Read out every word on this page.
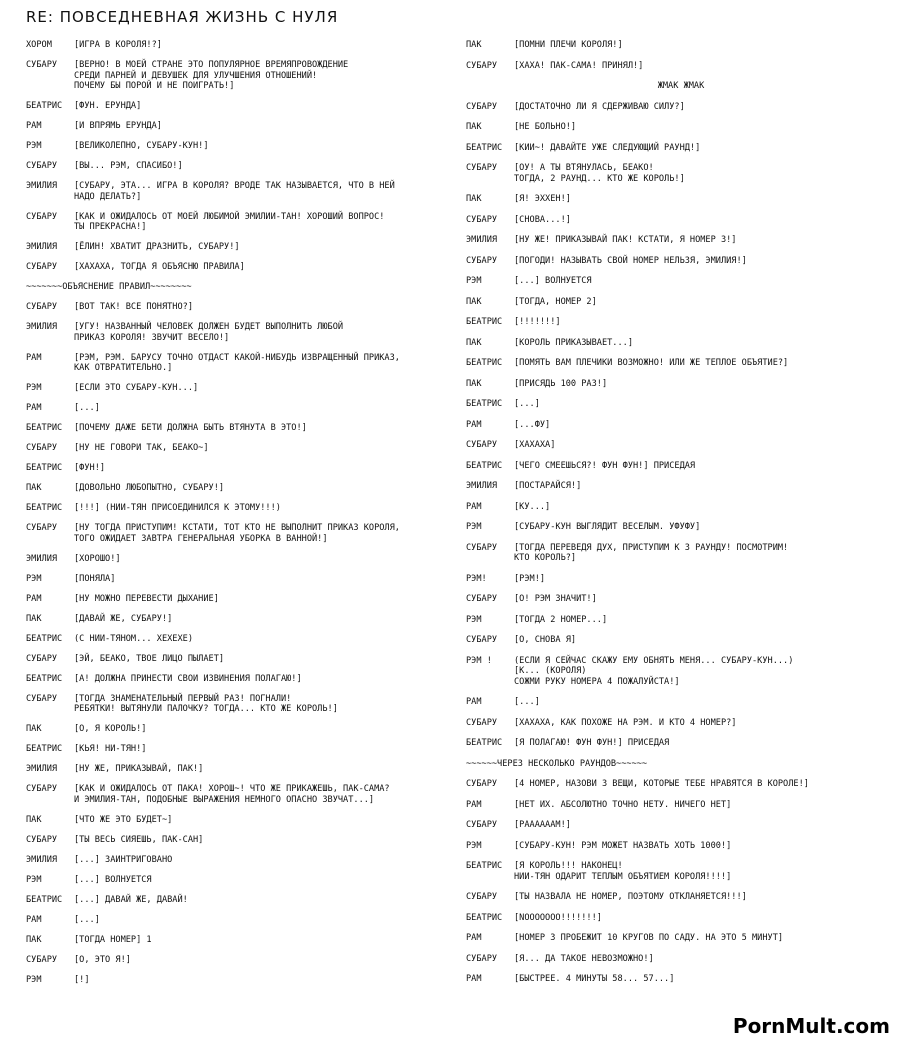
RE: ПОВСЕДНЕВНАЯ ЖИЗНЬ С НУЛЯ
ХОРОМ	[ИГРА В КОРОЛЯ!?]
СУБАРУ	[ВЕРНО! В МОЕЙ СТРАНЕ ЭТО ПОПУЛЯРНОЕ ВРЕМЯПРОВОЖДЕНИЕ
СРЕДИ ПАРНЕЙ И ДЕВУШЕК ДЛЯ УЛУЧШЕНИЯ ОТНОШЕНИЙ!
ПОЧЕМУ БЫ ПОРОЙ И НЕ ПОИГРАТЬ!]
БЕАТРИС	[ФУН. ЕРУНДА]
РАМ	[И ВПРЯМЬ ЕРУНДА]
РЭМ	[ВЕЛИКОЛЕПНО, СУБАРУ-КУН!]
СУБАРУ	[ВЫ... РЭМ, СПАСИБО!]
ЭМИЛИЯ	[СУБАРУ, ЭТА... ИГРА В КОРОЛЯ? ВРОДЕ ТАК НАЗЫВАЕТСЯ, ЧТО В НЕЙ
НАДО ДЕЛАТЬ?]
СУБАРУ	[КАК И ОЖИДАЛОСЬ ОТ МОЕЙ ЛЮБИМОЙ ЭМИЛИИ-ТАН! ХОРОШИЙ ВОПРОС!
ТЫ ПРЕКРАСНА!]
ЭМИЛИЯ	[ЁЛИН! ХВАТИТ ДРАЗНИТЬ, СУБАРУ!]
СУБАРУ	[ХАХАХА, ТОГДА Я ОБЪЯСНЮ ПРАВИЛА]
~~~~~~~ОБЪЯСНЕНИЕ ПРАВИЛ~~~~~~~~
СУБАРУ	[ВОТ ТАК! ВСЕ ПОНЯТНО?]
ЭМИЛИЯ	[УГУ! НАЗВАННЫЙ ЧЕЛОВЕК ДОЛЖЕН БУДЕТ ВЫПОЛНИТЬ ЛЮБОЙ
ПРИКАЗ КОРОЛЯ! ЗВУЧИТ ВЕСЕЛО!]
РАМ	[РЭМ, РЭМ. БАРУСУ ТОЧНО ОТДАСТ КАКОЙ-НИБУДЬ ИЗВРАЩЕННЫЙ ПРИКАЗ,
КАК ОТВРАТИТЕЛЬНО.]
РЭМ	[ЕСЛИ ЭТО СУБАРУ-КУН...]
РАМ	[...]
БЕАТРИС	[ПОЧЕМУ ДАЖЕ БЕТИ ДОЛЖНА БЫТЬ ВТЯНУТА В ЭТО!]
СУБАРУ	[НУ НЕ ГОВОРИ ТАК, БЕАКО~]
БЕАТРИС	[ФУН!]
ПАК	[ДОВОЛЬНО ЛЮБОПЫТНО, СУБАРУ!]
БЕАТРИС	[!!!] (НИИ-ТЯН ПРИСОЕДИНИЛСЯ К ЭТОМУ!!!)
СУБАРУ	[НУ ТОГДА ПРИСТУПИМ! КСТАТИ, ТОТ КТО НЕ ВЫПОЛНИТ ПРИКАЗ КОРОЛЯ,
ТОГО ОЖИДАЕТ ЗАВТРА ГЕНЕРАЛЬНАЯ УБОРКА В ВАННОЙ!]
ЭМИЛИЯ	[ХОРОШО!]
РЭМ	[ПОНЯЛА]
РАМ	[НУ МОЖНО ПЕРЕВЕСТИ ДЫХАНИЕ]
ПАК	[ДАВАЙ ЖЕ, СУБАРУ!]
БЕАТРИС	(С НИИ-ТЯНОМ... ХЕХЕХЕ)
СУБАРУ	[ЭЙ, БЕАКО, ТВОЕ ЛИЦО ПЫЛАЕТ]
БЕАТРИС	[А! ДОЛЖНА ПРИНЕСТИ СВОИ ИЗВИНЕНИЯ ПОЛАГАЮ!]
СУБАРУ	[ТОГДА ЗНАМЕНАТЕЛЬНЫЙ ПЕРВЫЙ РАЗ! ПОГНАЛИ!
РЕБЯТКИ! ВЫТЯНУЛИ ПАЛОЧКУ? ТОГДА... КТО ЖЕ КОРОЛЬ!]
ПАК	[О, Я КОРОЛЬ!]
БЕАТРИС	[КЬЯ! НИ-ТЯН!]
ЭМИЛИЯ	[НУ ЖЕ, ПРИКАЗЫВАЙ, ПАК!]
СУБАРУ	[КАК И ОЖИДАЛОСЬ ОТ ПАКА! ХОРОШ~! ЧТО ЖЕ ПРИКАЖЕШЬ, ПАК-САМА?
И ЭМИЛИЯ-ТАН, ПОДОБНЫЕ ВЫРАЖЕНИЯ НЕМНОГО ОПАСНО ЗВУЧАТ...]
ПАК	[ЧТО ЖЕ ЭТО БУДЕТ~]
СУБАРУ	[ТЫ ВЕСЬ СИЯЕШЬ, ПАК-САН]
ЭМИЛИЯ	[...] ЗАИНТРИГОВАНО
РЭМ	[...] ВОЛНУЕТСЯ
БЕАТРИС	[...] ДАВАЙ ЖЕ, ДАВАЙ!
РАМ	[...]
ПАК	[ТОГДА НОМЕР] 1
СУБАРУ	[О, ЭТО Я!]
РЭМ	[!]
ПАК	[ПОМНИ ПЛЕЧИ КОРОЛЯ!]
СУБАРУ	[ХАХА! ПАК-САМА! ПРИНЯЛ!]
ЖМАК ЖМАК
СУБАРУ	[ДОСТАТОЧНО ЛИ Я СДЕРЖИВАЮ СИЛУ?]
ПАК	[НЕ БОЛЬНО!]
БЕАТРИС	[КИИ~! ДАВАЙТЕ УЖЕ СЛЕДУЮЩИЙ РАУНД!]
СУБАРУ	[ОУ! А ТЫ ВТЯНУЛАСЬ, БЕАКО!
ТОГДА, 2 РАУНД... КТО ЖЕ КОРОЛЬ!]
ПАК	[Я! ЭХХЕН!]
СУБАРУ	[СНОВА...!]
ЭМИЛИЯ	[НУ ЖЕ! ПРИКАЗЫВАЙ ПАК! КСТАТИ, Я НОМЕР 3!]
СУБАРУ	[ПОГОДИ! НАЗЫВАТЬ СВОЙ НОМЕР НЕЛЬЗЯ, ЭМИЛИЯ!]
РЭМ	[...] ВОЛНУЕТСЯ
ПАК	[ТОГДА, НОМЕР 2]
БЕАТРИС	[!!!!!!!]
ПАК	[КОРОЛЬ ПРИКАЗЫВАЕТ...]
БЕАТРИС	[ПОМЯТЬ ВАМ ПЛЕЧИКИ ВОЗМОЖНО! ИЛИ ЖЕ ТЕПЛОЕ ОБЪЯТИЕ?]
ПАК	[ПРИСЯДЬ 100 РАЗ!]
БЕАТРИС	[...]
РАМ	[...ФУ]
СУБАРУ	[ХАХАХА]
БЕАТРИС	[ЧЕГО СМЕЕШЬСЯ?! ФУН ФУН!] ПРИСЕДАЯ
ЭМИЛИЯ	[ПОСТАРАЙСЯ!]
РАМ	[КУ...]
РЭМ	[СУБАРУ-КУН ВЫГЛЯДИТ ВЕСЕЛЫМ. УФУФУ]
СУБАРУ	[ТОГДА ПЕРЕВЕДЯ ДУХ, ПРИСТУПИМ К 3 РАУНДУ! ПОСМОТРИМ!
КТО КОРОЛЬ?]
РЭМ!	[РЭМ!]
СУБАРУ	[О! РЭМ ЗНАЧИТ!]
РЭМ	[ТОГДА 2 НОМЕР...]
СУБАРУ	[О, СНОВА Я]
РЭМ !	(ЕСЛИ Я СЕЙЧАС СКАЖУ ЕМУ ОБНЯТЬ МЕНЯ... СУБАРУ-КУН...)
[К... (КОРОЛЯ)
СОЖМИ РУКУ НОМЕРА 4 ПОЖАЛУЙСТА!]
РАМ	[...]
СУБАРУ	[ХАХАХА, КАК ПОХОЖЕ НА РЭМ. И КТО 4 НОМЕР?]
БЕАТРИС	[Я ПОЛАГАЮ! ФУН ФУН!] ПРИСЕДАЯ
~~~~~~ЧЕРЕЗ НЕСКОЛЬКО РАУНДОВ~~~~~~
СУБАРУ	[4 НОМЕР, НАЗОВИ 3 ВЕЩИ, КОТОРЫЕ ТЕБЕ НРАВЯТСЯ В КОРОЛЕ!]
РАМ	[НЕТ ИХ. АБСОЛЮТНО ТОЧНО НЕТУ. НИЧЕГО НЕТ]
СУБАРУ	[РААААААМ!]
РЭМ	[СУБАРУ-КУН! РЭМ МОЖЕТ НАЗВАТЬ ХОТЬ 1000!]
БЕАТРИС	[Я КОРОЛЬ!!! НАКОНЕЦ!
НИИ-ТЯН ОДАРИТ ТЕПЛЫМ ОБЪЯТИЕМ КОРОЛЯ!!!!]
СУБАРУ	[ТЫ НАЗВАЛА НЕ НОМЕР, ПОЭТОМУ ОТКЛАНЯЕТСЯ!!!]
БЕАТРИС	[NOOOOOOO!!!!!!!]
РАМ	[НОМЕР 3 ПРОБЕЖИТ 10 КРУГОВ ПО САДУ. НА ЭТО 5 МИНУТ]
СУБАРУ	[Я... ДА ТАКОЕ НЕВОЗМОЖНО!]
РАМ	[БЫСТРЕЕ. 4 МИНУТЫ 58... 57...]
PornMult.com
